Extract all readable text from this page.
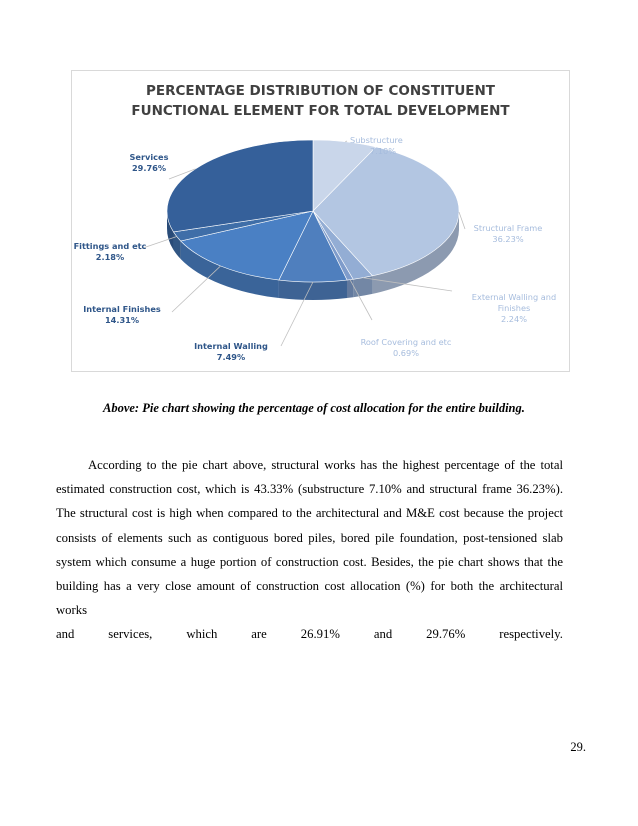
PERCENTAGE DISTRIBUTION OF CONSTITUENT
FUNCTIONAL ELEMENT FOR TOTAL DEVELOPMENT
Substructure
7.10%
Structural Frame
36.23%
External Walling and
Finishes
2.24%
Roof Covering and etc
0.69%
Internal Walling
7.49%
Internal Finishes
14.31%
Fittings and etc
2.18%
Services
29.76%
Above: Pie chart showing the percentage of cost allocation for the entire building.

According to the pie chart above, structural works has the highest percentage of the total estimated construction cost, which is 43.33% (substructure 7.10% and structural frame 36.23%). The structural cost is high when compared to the architectural and M&E cost because the project consists of elements such as contiguous bored piles, bored pile foundation, post-tensioned slab system which consume a huge portion of construction cost. Besides, the pie chart shows that the building has a very close amount of construction cost allocation (%) for both the architectural works

and	services,	which	are	26.91%	and	29.76%	respectively.
29.
